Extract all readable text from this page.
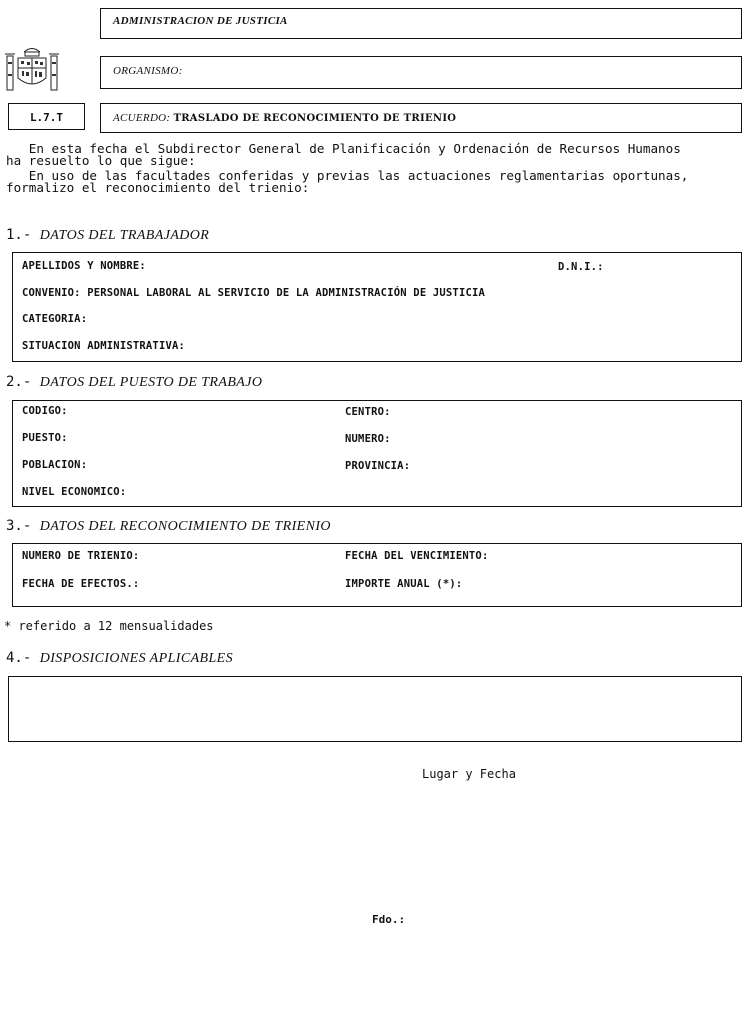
ADMINISTRACION DE JUSTICIA
ORGANISMO:
L.7.T	ACUERDO: TRASLADO DE RECONOCIMIENTO DE TRIENIO
En esta fecha el Subdirector General de Planificación y Ordenación de Recursos Humanos
ha resuelto lo que sigue:
En uso de las facultades conferidas y previas las actuaciones reglamentarias oportunas,
formalizo el reconocimiento del trienio:
1.- DATOS DEL TRABAJADOR
APELLIDOS Y NOMBRE:	D.N.I.:
CONVENIO: PERSONAL LABORAL AL SERVICIO DE LA ADMINISTRACIÓN DE JUSTICIA
CATEGORIA:
SITUACION ADMINISTRATIVA:
2.- DATOS DEL PUESTO DE TRABAJO
CODIGO:	CENTRO:
PUESTO:	NUMERO:
POBLACION:	PROVINCIA:
NIVEL ECONOMICO:
3.- DATOS DEL RECONOCIMIENTO DE TRIENIO
NUMERO DE TRIENIO:	FECHA DEL VENCIMIENTO:
FECHA DE EFECTOS.:	IMPORTE ANUAL (*):
* referido a 12 mensualidades
4.- DISPOSICIONES APLICABLES
Lugar y Fecha
Fdo.:
